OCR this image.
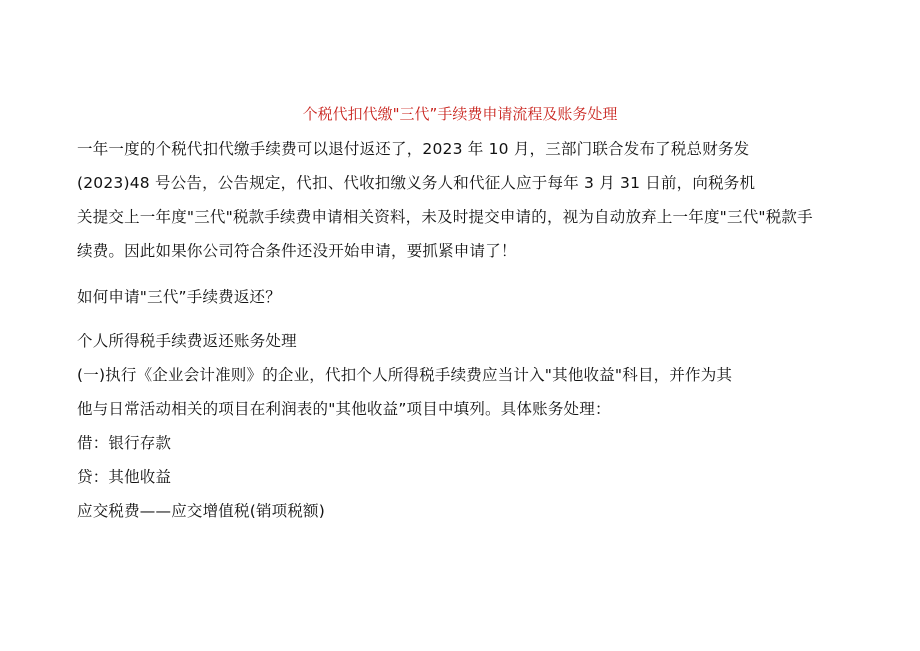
个税代扣代缴"三代”手续费申请流程及账务处理
一年一度的个税代扣代缴手续费可以退付返还了，2023 年 10 月，三部门联合发布了税总财务发
(2023)48 号公告，公告规定，代扣、代收扣缴义务人和代征人应于每年 3 月 31 日前，向税务机
关提交上一年度"三代"税款手续费申请相关资料，未及时提交申请的，视为自动放弃上一年度"三代"税款手
续费。因此如果你公司符合条件还没开始申请，要抓紧申请了！
如何申请"三代”手续费返还？
个人所得税手续费返还账务处理
(一)执行《企业会计准则》的企业，代扣个人所得税手续费应当计入"其他收益"科目，并作为其
他与日常活动相关的项目在利润表的"其他收益”项目中填列。具体账务处理：
借：银行存款
贷：其他收益
应交税费——应交增值税(销项税额)
